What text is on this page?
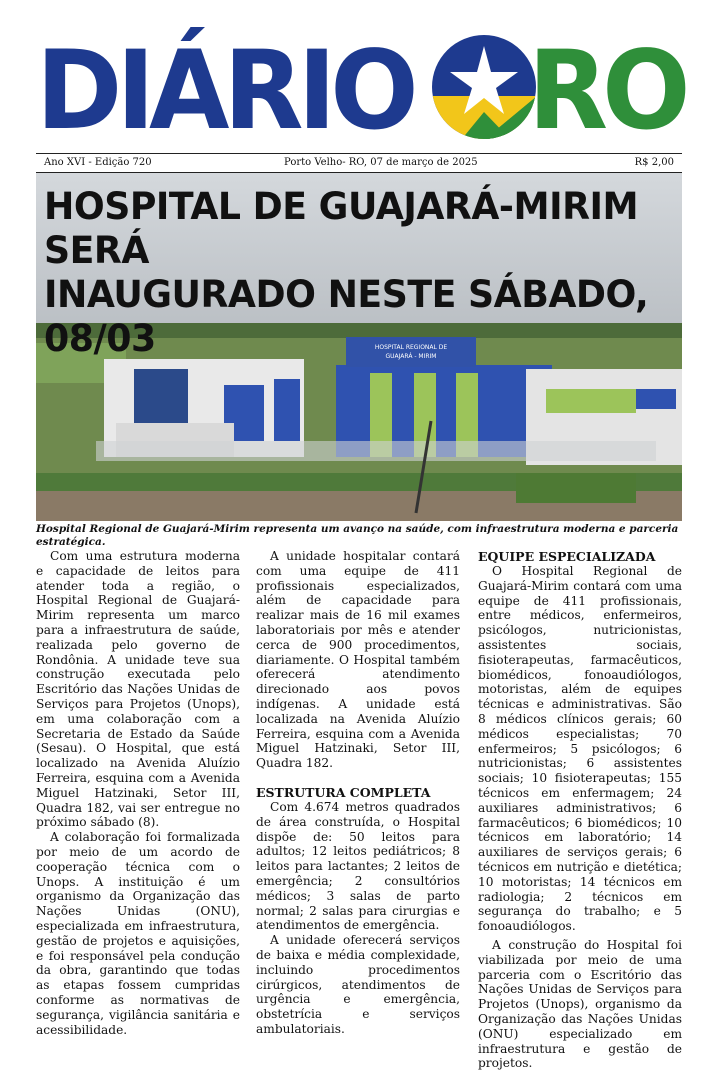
DIÁRIO RO
Ano XVI - Edição 720	Porto Velho- RO, 07 de março de 2025	R$ 2,00
HOSPITAL REGIONAL DE
GUAJARÁ - MIRIM
HOSPITAL DE GUAJARÁ-MIRIM SERÁ
INAUGURADO NESTE SÁBADO, 08/03
Hospital Regional de Guajará-Mirim representa um avanço na saúde, com infraestrutura moderna e parceria estratégica.

Com uma estrutura moderna e capacidade de leitos para atender toda a região, o Hospital Regional de Guajará-Mirim representa um marco para a infraestrutura de saúde, realizada pelo governo de Rondônia. A unidade teve sua construção executada pelo Escritório das Nações Unidas de Serviços para Projetos (Unops), em uma colaboração com a Secretaria de Estado da Saúde (Sesau). O Hospital, que está localizado na Avenida Aluízio Ferreira, esquina com a Avenida Miguel Hatzinaki, Setor III, Quadra 182, vai ser entregue no próximo sábado (8).

A colaboração foi formalizada por meio de um acordo de cooperação técnica com o Unops. A instituição é um organismo da Organização das Nações Unidas (ONU), especializada em infraestrutura, gestão de projetos e aquisições, e foi responsável pela condução da obra, garantindo que todas as etapas fossem cumpridas conforme as normativas de segurança, vigilância sanitária e acessibilidade.

A unidade hospitalar contará com uma equipe de 411 profissionais especializados, além de capacidade para realizar mais de 16 mil exames laboratoriais por mês e atender cerca de 900 procedimentos, diariamente. O Hospital também oferecerá atendimento direcionado aos povos indígenas. A unidade está localizada na Avenida Aluízio Ferreira, esquina com a Avenida Miguel Hatzinaki, Setor III, Quadra 182.

ESTRUTURA COMPLETA

Com 4.674 metros quadrados de área construída, o Hospital dispõe de: 50 leitos para adultos; 12 leitos pediátricos; 8 leitos para lactantes; 2 leitos de emergência; 2 consultórios médicos; 3 salas de parto normal; 2 salas para cirurgias e atendimentos de emergência.

A unidade oferecerá serviços de baixa e média complexidade, incluindo procedimentos cirúrgicos, atendimentos de urgência e emergência, obstetrícia e serviços ambulatoriais.

EQUIPE ESPECIALIZADA

O Hospital Regional de Guajará-Mirim contará com uma equipe de 411 profissionais, entre médicos, enfermeiros, psicólogos, nutricionistas, assistentes sociais, fisioterapeutas, farmacêuticos, biomédicos, fonoaudiólogos, motoristas, além de equipes técnicas e administrativas. São 8 médicos clínicos gerais; 60 médicos especialistas; 70 enfermeiros; 5 psicólogos; 6 nutricionistas; 6 assistentes sociais; 10 fisioterapeutas; 155 técnicos em enfermagem; 24 auxiliares administrativos; 6 farmacêuticos; 6 biomédicos; 10 técnicos em laboratório; 14 auxiliares de serviços gerais; 6 técnicos em nutrição e dietética; 10 motoristas; 14 técnicos em radiologia; 2 técnicos em segurança do trabalho; e 5 fonoaudiólogos.

A construção do Hospital foi viabilizada por meio de uma parceria com o Escritório das Nações Unidas de Serviços para Projetos (Unops), organismo da Organização das Nações Unidas (ONU) especializado em infraestrutura e gestão de projetos.
